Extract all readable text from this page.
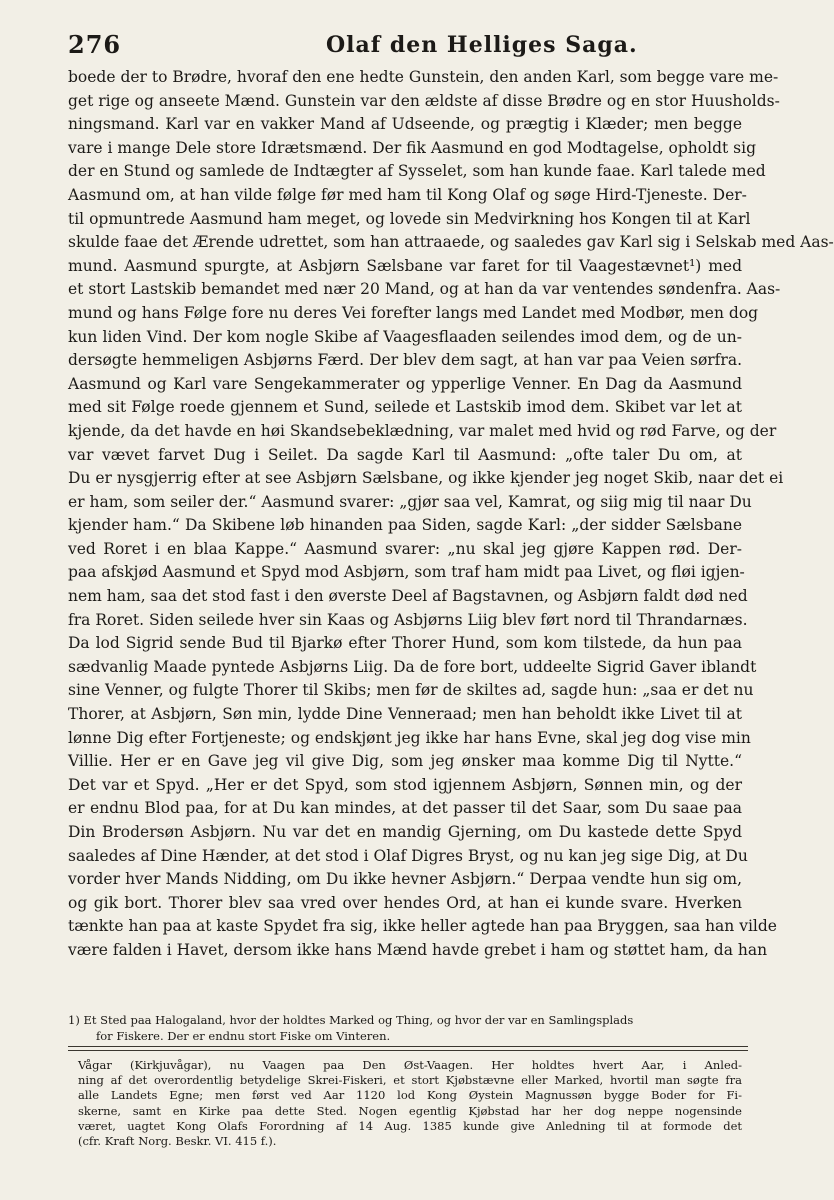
276	Olaf den Helliges Saga.
boede der to Brødre, hvoraf den ene hedte Gunstein, den anden Karl, som begge vare me-
get rige og anseete Mænd. Gunstein var den ældste af disse Brødre og en stor Huusholds-
ningsmand. Karl var en vakker Mand af Udseende, og prægtig i Klæder; men begge
vare i mange Dele store Idrætsmænd. Der fik Aasmund en god Modtagelse, opholdt sig
der en Stund og samlede de Indtægter af Sysselet, som han kunde faae. Karl talede med
Aasmund om, at han vilde følge før med ham til Kong Olaf og søge Hird-Tjeneste. Der-
til opmuntrede Aasmund ham meget, og lovede sin Medvirkning hos Kongen til at Karl
skulde faae det Ærende udrettet, som han attraaede, og saaledes gav Karl sig i Selskab med Aas-
mund. Aasmund spurgte, at Asbjørn Sælsbane var faret for til Vaagestævnet¹) med
et stort Lastskib bemandet med nær 20 Mand, og at han da var ventendes søndenfra. Aas-
mund og hans Følge fore nu deres Vei forefter langs med Landet med Modbør, men dog
kun liden Vind. Der kom nogle Skibe af Vaagesflaaden seilendes imod dem, og de un-
dersøgte hemmeligen Asbjørns Færd. Der blev dem sagt, at han var paa Veien sørfra.
Aasmund og Karl vare Sengekammerater og ypperlige Venner. En Dag da Aasmund
med sit Følge roede gjennem et Sund, seilede et Lastskib imod dem. Skibet var let at
kjende, da det havde en høi Skandsebeklædning, var malet med hvid og rød Farve, og der
var vævet farvet Dug i Seilet. Da sagde Karl til Aasmund: „ofte taler Du om, at
Du er nysgjerrig efter at see Asbjørn Sælsbane, og ikke kjender jeg noget Skib, naar det ei
er ham, som seiler der.“ Aasmund svarer: „gjør saa vel, Kamrat, og siig mig til naar Du
kjender ham.“ Da Skibene løb hinanden paa Siden, sagde Karl: „der sidder Sælsbane
ved Roret i en blaa Kappe.“ Aasmund svarer: „nu skal jeg gjøre Kappen rød. Der-
paa afskjød Aasmund et Spyd mod Asbjørn, som traf ham midt paa Livet, og fløi igjen-
nem ham, saa det stod fast i den øverste Deel af Bagstavnen, og Asbjørn faldt død ned
fra Roret. Siden seilede hver sin Kaas og Asbjørns Liig blev ført nord til Thrandarnæs.
Da lod Sigrid sende Bud til Bjarkø efter Thorer Hund, som kom tilstede, da hun paa
sædvanlig Maade pyntede Asbjørns Liig. Da de fore bort, uddeelte Sigrid Gaver iblandt
sine Venner, og fulgte Thorer til Skibs; men før de skiltes ad, sagde hun: „saa er det nu
Thorer, at Asbjørn, Søn min, lydde Dine Venneraad; men han beholdt ikke Livet til at
lønne Dig efter Fortjeneste; og endskjønt jeg ikke har hans Evne, skal jeg dog vise min
Villie. Her er en Gave jeg vil give Dig, som jeg ønsker maa komme Dig til Nytte.“
Det var et Spyd. „Her er det Spyd, som stod igjennem Asbjørn, Sønnen min, og der
er endnu Blod paa, for at Du kan mindes, at det passer til det Saar, som Du saae paa
Din Brodersøn Asbjørn. Nu var det en mandig Gjerning, om Du kastede dette Spyd
saaledes af Dine Hænder, at det stod i Olaf Digres Bryst, og nu kan jeg sige Dig, at Du
vorder hver Mands Nidding, om Du ikke hevner Asbjørn.“ Derpaa vendte hun sig om,
og gik bort. Thorer blev saa vred over hendes Ord, at han ei kunde svare. Hverken
tænkte han paa at kaste Spydet fra sig, ikke heller agtede han paa Bryggen, saa han vilde
være falden i Havet, dersom ikke hans Mænd havde grebet i ham og støttet ham, da han
1) Et Sted paa Halogaland, hvor der holdtes Marked og Thing, og hvor der var en Samlingsplads
for Fiskere. Der er endnu stort Fiske om Vinteren.
Vågar (Kirkjuvågar), nu Vaagen paa Den Øst-Vaagen. Her holdtes hvert Aar, i Anled-
ning af det overordentlig betydelige Skrei-Fiskeri, et stort Kjøbstævne eller Marked, hvortil man søgte fra
alle Landets Egne; men først ved Aar 1120 lod Kong Øystein Magnussøn bygge Boder for Fi-
skerne, samt en Kirke paa dette Sted. Nogen egentlig Kjøbstad har her dog neppe nogensinde
været, uagtet Kong Olafs Forordning af 14 Aug. 1385 kunde give Anledning til at formode det
(cfr. Kraft Norg. Beskr. VI. 415 f.).
